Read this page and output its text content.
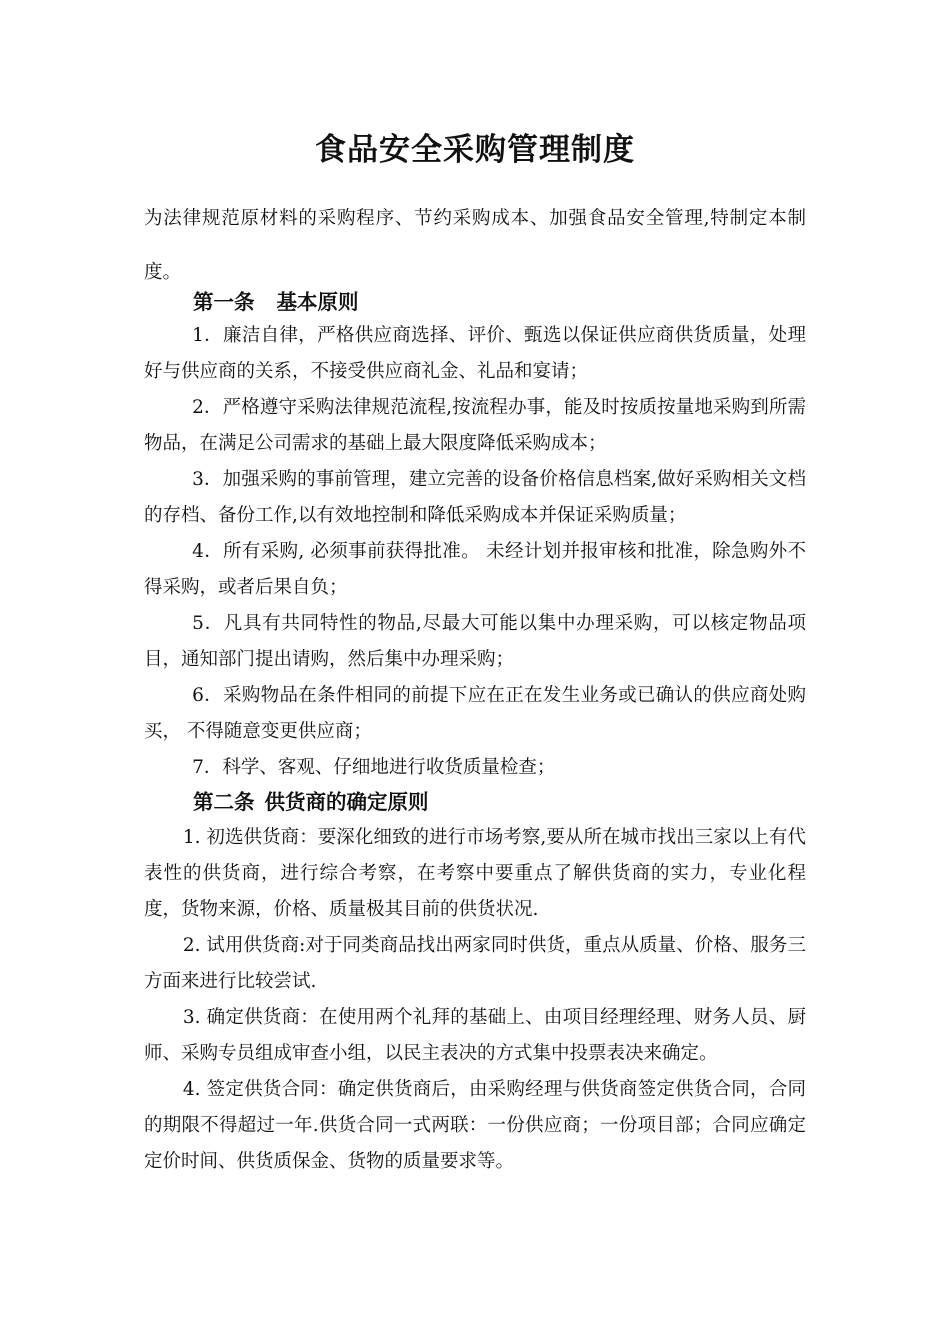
食品安全采购管理制度
为法律规范原材料的采购程序、节约采购成本、加强食品安全管理,特制定本制度。
第一条 基本原则
1．廉洁自律，严格供应商选择、评价、甄选以保证供应商供货质量，处理好与供应商的关系，不接受供应商礼金、礼品和宴请；
2．严格遵守采购法律规范流程,按流程办事，能及时按质按量地采购到所需物品，在满足公司需求的基础上最大限度降低采购成本；
3．加强采购的事前管理，建立完善的设备价格信息档案,做好采购相关文档的存档、备份工作,以有效地控制和降低采购成本并保证采购质量；
4．所有采购, 必须事前获得批准。 未经计划并报审核和批准，除急购外不得采购，或者后果自负；
5．凡具有共同特性的物品,尽最大可能以集中办理采购，可以核定物品项目，通知部门提出请购，然后集中办理采购；
6．采购物品在条件相同的前提下应在正在发生业务或已确认的供应商处购买， 不得随意变更供应商；
7．科学、客观、仔细地进行收货质量检查；
第二条 供货商的确定原则
1. 初选供货商：要深化细致的进行市场考察,要从所在城市找出三家以上有代表性的供货商，进行综合考察，在考察中要重点了解供货商的实力，专业化程度，货物来源，价格、质量极其目前的供货状况.
2. 试用供货商:对于同类商品找出两家同时供货，重点从质量、价格、服务三方面来进行比较尝试.
3. 确定供货商：在使用两个礼拜的基础上、由项目经理经理、财务人员、厨师、采购专员组成审查小组，以民主表决的方式集中投票表决来确定。
4. 签定供货合同：确定供货商后，由采购经理与供货商签定供货合同，合同的期限不得超过一年.供货合同一式两联：一份供应商；一份项目部；合同应确定定价时间、供货质保金、货物的质量要求等。
